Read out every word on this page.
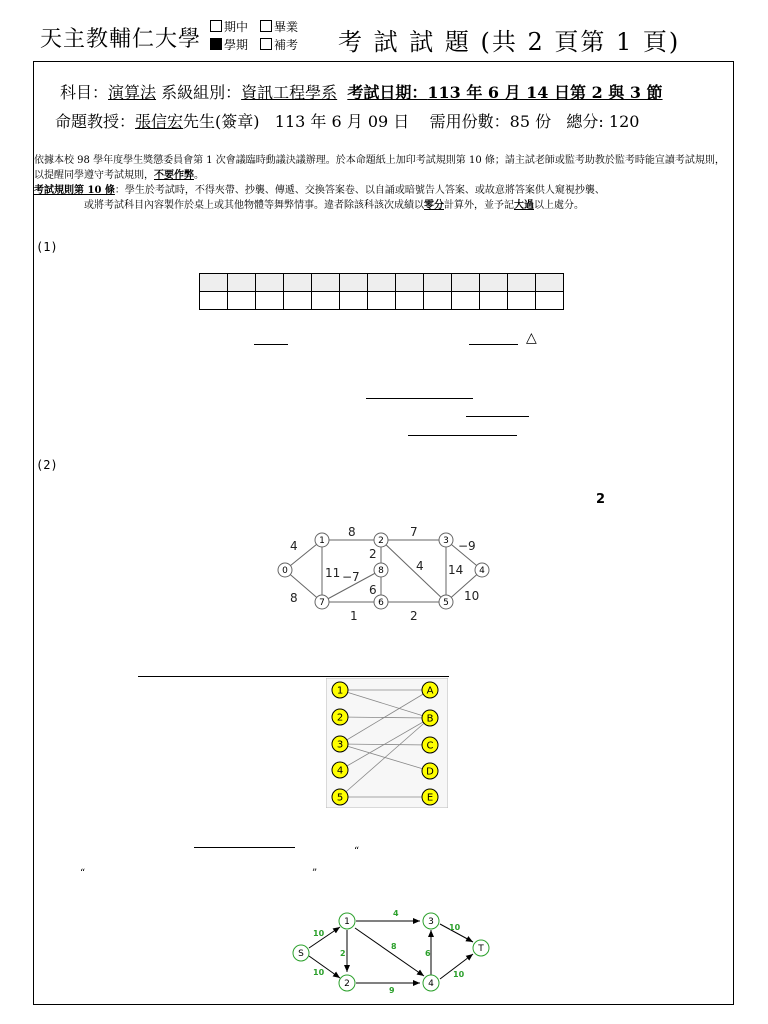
天主教輔仁大學	期中	畢業
學期	補考 考 試 試 題 (共 2 頁第 1 頁)
科目：演算法 系級組別：資訊工程學系 考試日期：113 年 6 月 14 日第 2 與 3 節
命題教授：張信宏先生(簽章) 113 年 6 月 09 日 需用份數：85 份 總分: 120
依據本校 98 學年度學生獎懲委員會第 1 次會議臨時動議決議辦理。於本命題紙上加印考試規則第 10 條；請主試老師或監考助教於監考時能宣讀考試規則，以提醒同學遵守考試規則，不要作弊。
考試規則第 10 條：學生於考試時，不得夾帶、抄襲、傳遞、交換答案卷、以自誦或暗號告人答案、或故意將答案供人窺視抄襲、
或將考試科目內容製作於桌上或其他物體等舞弊情事。違者除該科該次成績以零分計算外，並予記大過以上處分。
(1)

△
(2)
2
4
8
8	7
2
11 −7
6
4 14
−9
10
1	2
0
1	2	3
4
5
6
7
8
1
2
3
4
5
A
B
C
D
E
“
“	”
10
10
4
2
8
6
9
10
10
S
1
2
3
4
T
